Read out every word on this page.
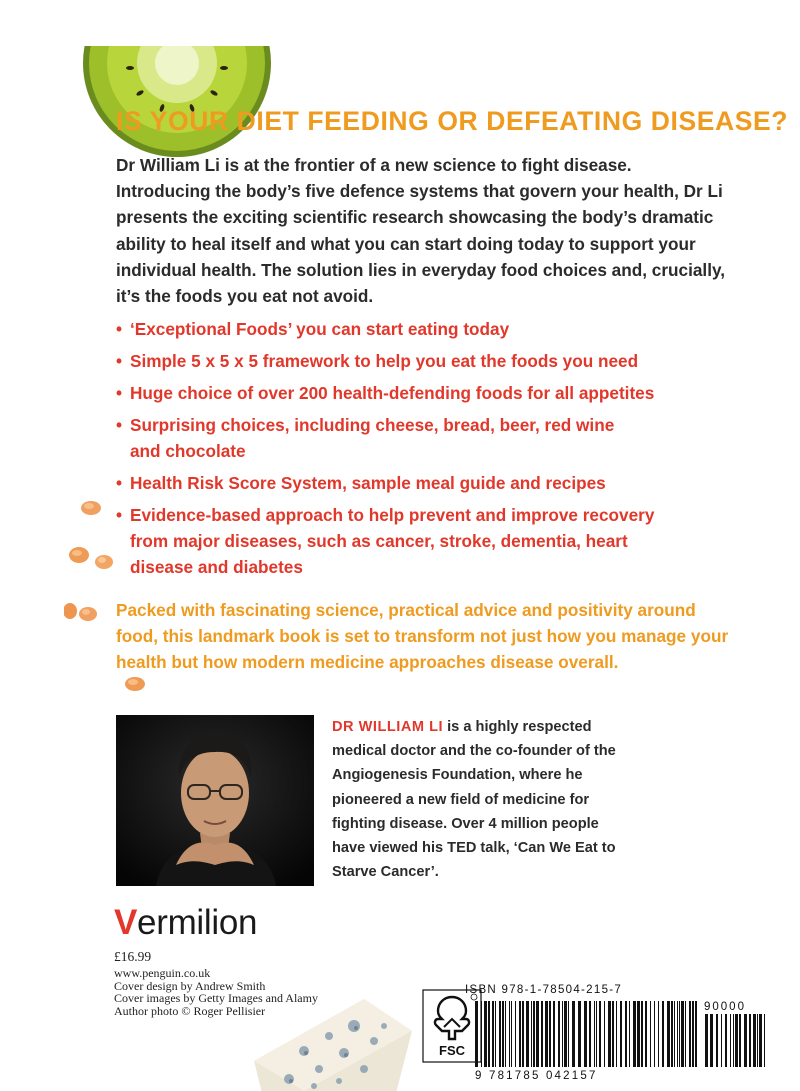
IS YOUR DIET FEEDING OR DEFEATING DISEASE?

Dr William Li is at the frontier of a new science to fight disease.

Introducing the body’s five defence systems that govern your health, Dr Li

presents the exciting scientific research showcasing the body’s dramatic

ability to heal itself and what you can start doing today to support your

individual health. The solution lies in everyday food choices and, crucially,

it’s the foods you eat not avoid.

• ‘Exceptional Foods’ you can start eating today
• Simple 5 x 5 x 5 framework to help you eat the foods you need
• Huge choice of over 200 health-defending foods for all appetites
• Surprising choices, including cheese, bread, beer, red wine
and chocolate
• Health Risk Score System, sample meal guide and recipes
• Evidence-based approach to help prevent and improve recovery
from major diseases, such as cancer, stroke, dementia, heart
disease and diabetes

Packed with fascinating science, practical advice and positivity around

food, this landmark book is set to transform not just how you manage your

health but how modern medicine approaches disease overall.

DR WILLIAM LI is a highly respected

medical doctor and the co-founder of the

Angiogenesis Foundation, where he

pioneered a new field of medicine for

fighting disease. Over 4 million people

have viewed his TED talk, ‘Can We Eat to

Starve Cancer’.

Vermilion
£16.99
www.penguin.co.uk
Cover design by Andrew Smith
Cover images by Getty Images and Alamy
Author photo © Roger Pellisier
FSC
ISBN 978-1-78504-215-7
9 781785 042157
90000
